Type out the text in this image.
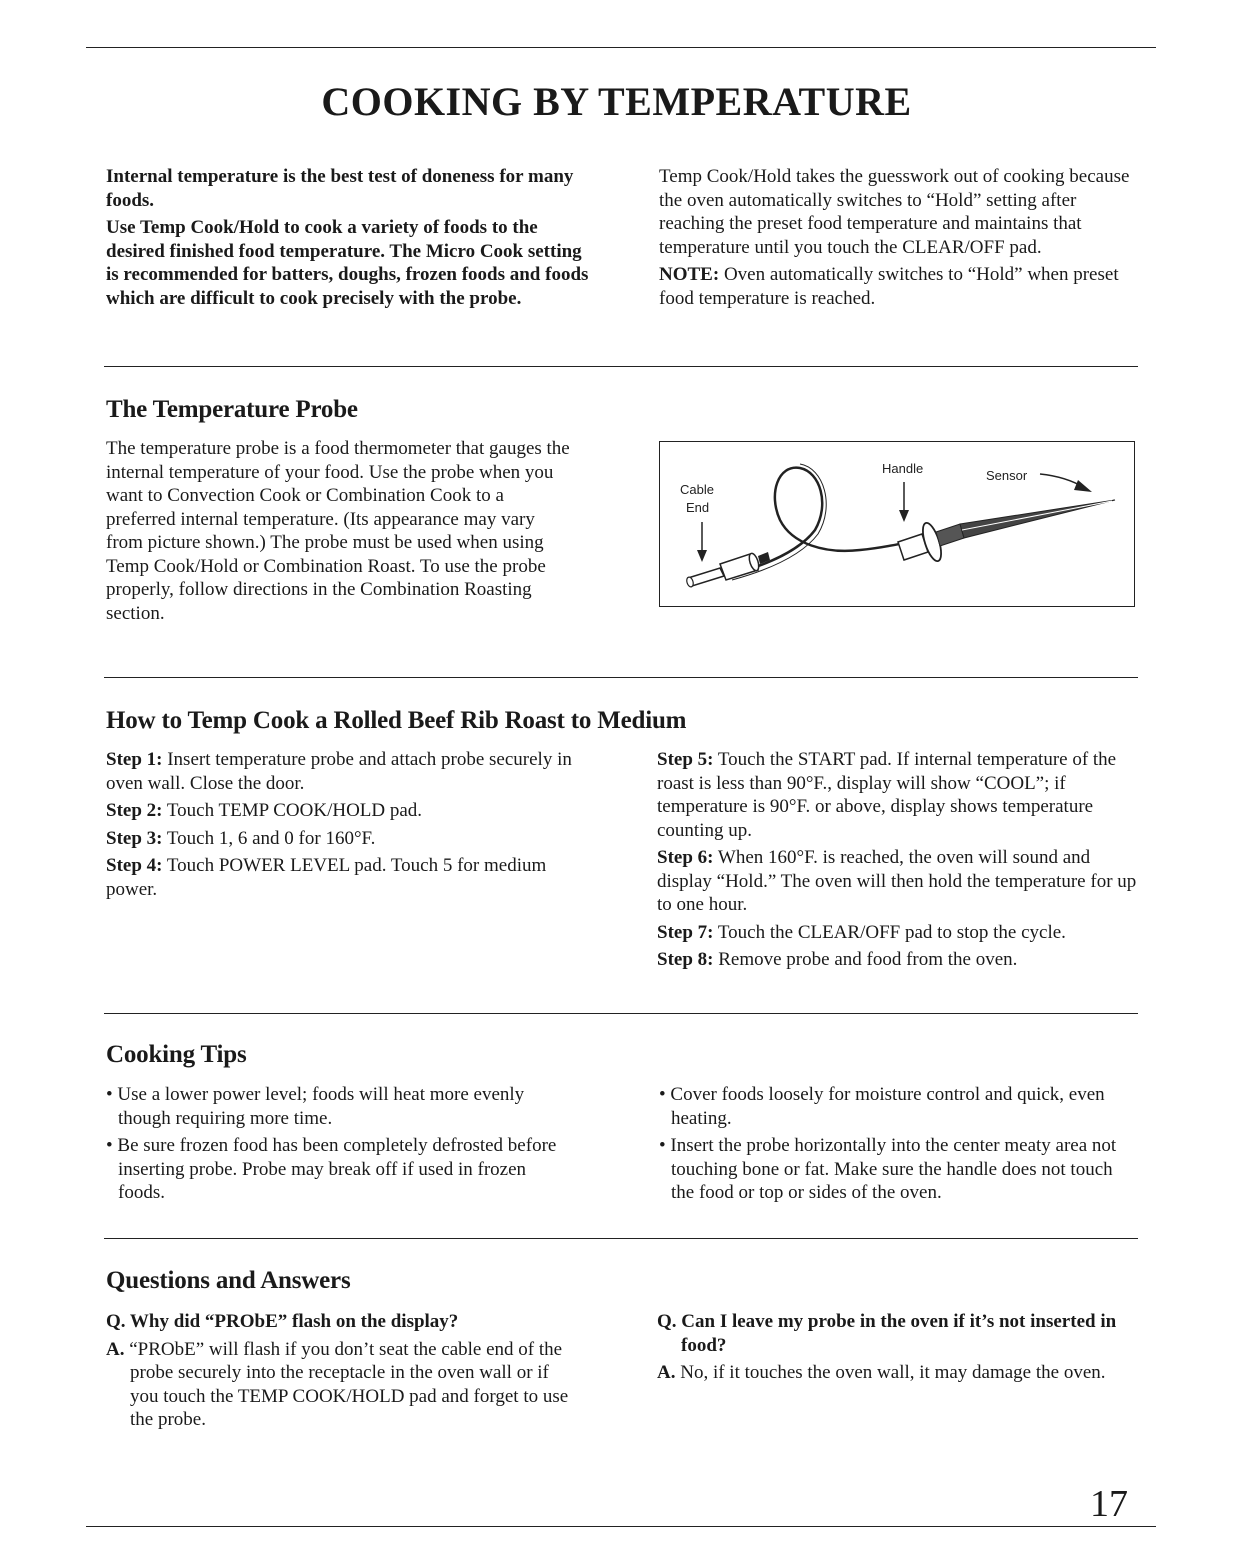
COOKING BY TEMPERATURE

Internal temperature is the best test of doneness for many foods.

Use Temp Cook/Hold to cook a variety of foods to the desired finished food temperature. The Micro Cook setting is recommended for batters, doughs, frozen foods and foods which are difficult to cook precisely with the probe.

Temp Cook/Hold takes the guesswork out of cooking because the oven automatically switches to “Hold” setting after reaching the preset food temperature and maintains that temperature until you touch the CLEAR/OFF pad.

NOTE: Oven automatically switches to “Hold” when preset food temperature is reached.

The Temperature Probe

The temperature probe is a food thermometer that gauges the internal temperature of your food. Use the probe when you want to Convection Cook or Combination Cook to a preferred internal temperature. (Its appearance may vary from picture shown.) The probe must be used when using Temp Cook/Hold or Combination Roast. To use the probe properly, follow directions in the Combination Roasting section.

Cable
End
Handle	Sensor
How to Temp Cook a Rolled Beef Rib Roast to Medium

Step 1: Insert temperature probe and attach probe securely in oven wall. Close the door.

Step 2: Touch TEMP COOK/HOLD pad.

Step 3: Touch 1, 6 and 0 for 160°F.

Step 4: Touch POWER LEVEL pad. Touch 5 for medium power.

Step 5: Touch the START pad. If internal temperature of the roast is less than 90°F., display will show “COOL”; if temperature is 90°F. or above, display shows temperature counting up.

Step 6: When 160°F. is reached, the oven will sound and display “Hold.” The oven will then hold the temperature for up to one hour.

Step 7: Touch the CLEAR/OFF pad to stop the cycle.

Step 8: Remove probe and food from the oven.

Cooking Tips

• Use a lower power level; foods will heat more evenly though requiring more time.

• Be sure frozen food has been completely defrosted before inserting probe. Probe may break off if used in frozen foods.

• Cover foods loosely for moisture control and quick, even heating.

• Insert the probe horizontally into the center meaty area not touching bone or fat. Make sure the handle does not touch the food or top or sides of the oven.

Questions and Answers

Q. Why did “PRObE” flash on the display?

A. “PRObE” will flash if you don’t seat the cable end of the probe securely into the receptacle in the oven wall or if you touch the TEMP COOK/HOLD pad and forget to use the probe.

Q. Can I leave my probe in the oven if it’s not inserted in food?

A. No, if it touches the oven wall, it may damage the oven.

17
